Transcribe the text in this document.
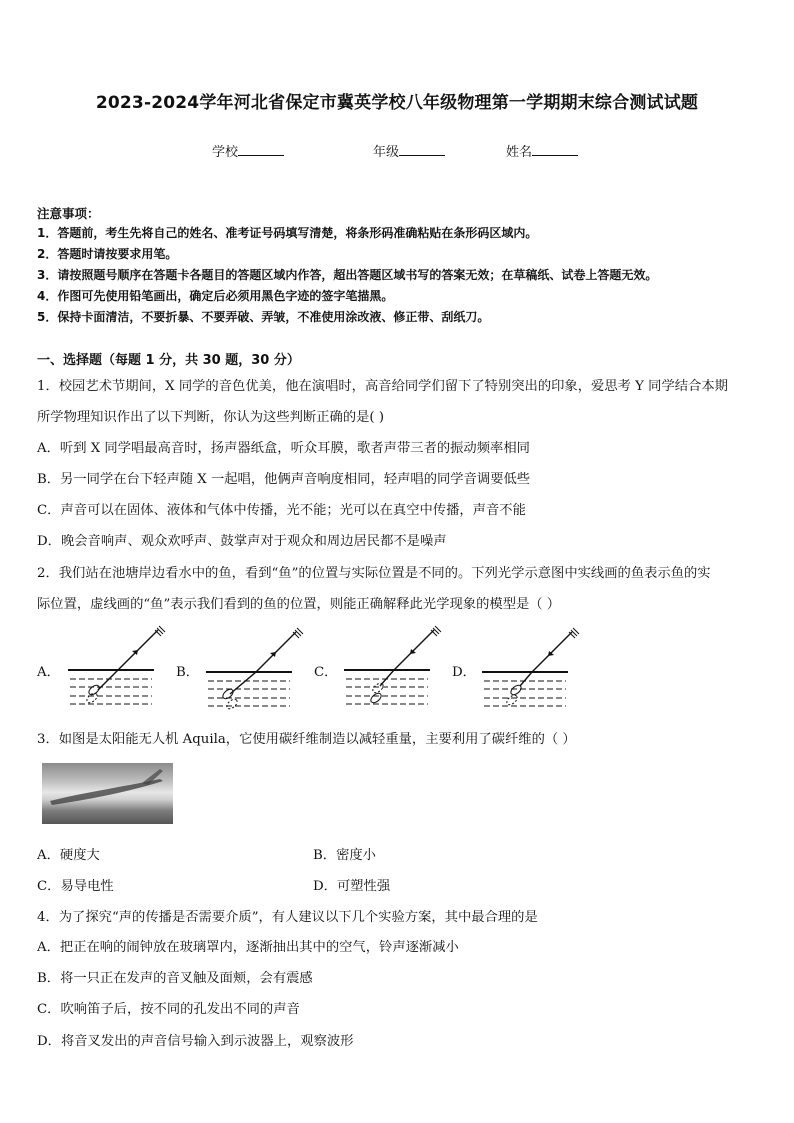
2023-2024学年河北省保定市冀英学校八年级物理第一学期期末综合测试试题
学校	年级	姓名
注意事项：
1．答题前，考生先将自己的姓名、准考证号码填写清楚，将条形码准确粘贴在条形码区域内。
2．答题时请按要求用笔。
3．请按照题号顺序在答题卡各题目的答题区域内作答，超出答题区域书写的答案无效；在草稿纸、试卷上答题无效。
4．作图可先使用铅笔画出，确定后必须用黑色字迹的签字笔描黑。
5．保持卡面清洁，不要折暴、不要弄破、弄皱，不准使用涂改液、修正带、刮纸刀。
一、选择题（每题 1 分，共 30 题，30 分）
1．校园艺术节期间，X 同学的音色优美，他在演唱时，高音给同学们留下了特别突出的印象，爱思考 Y 同学结合本期
所学物理知识作出了以下判断，你认为这些判断正确的是( )
A．听到 X 同学唱最高音时，扬声器纸盒，听众耳膜，歌者声带三者的振动频率相同
B．另一同学在台下轻声随 X 一起唱，他俩声音响度相同，轻声唱的同学音调要低些
C．声音可以在固体、液体和气体中传播，光不能；光可以在真空中传播，声音不能
D．晚会音响声、观众欢呼声、鼓掌声对于观众和周边居民都不是噪声
2．我们站在池塘岸边看水中的鱼，看到“鱼”的位置与实际位置是不同的。下列光学示意图中实线画的鱼表示鱼的实
际位置，虚线画的“鱼”表示我们看到的鱼的位置，则能正确解释此光学现象的模型是（ ）
A．	B．	C．	D．
3．如图是太阳能无人机 Aquila，它使用碳纤维制造以减轻重量，主要利用了碳纤维的（ ）
A．硬度大	B．密度小
C．易导电性	D．可塑性强
4．为了探究“声的传播是否需要介质”，有人建议以下几个实验方案，其中最合理的是
A．把正在响的闹钟放在玻璃罩内，逐渐抽出其中的空气，铃声逐渐减小
B．将一只正在发声的音叉触及面颊，会有震感
C．吹响笛子后，按不同的孔发出不同的声音
D．将音叉发出的声音信号输入到示波器上，观察波形
